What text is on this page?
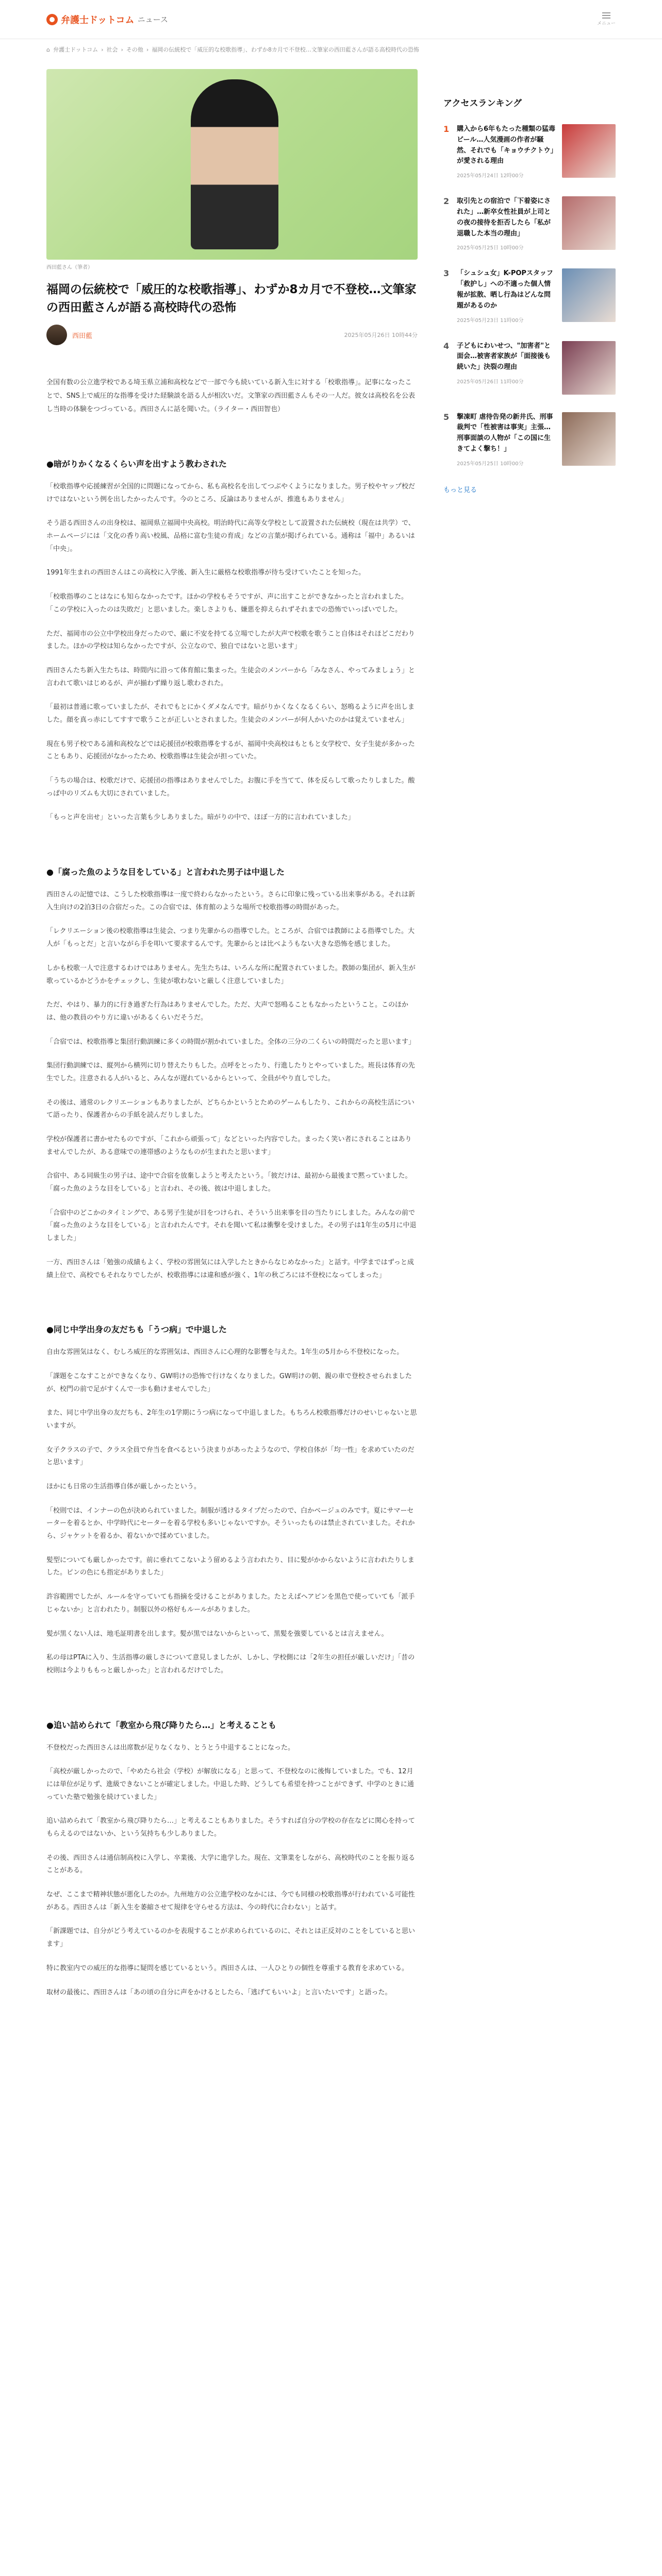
弁護士ドットコム ニュース	メニュー
⌂ 弁護士ドットコム › 社会 › その他 › 福岡の伝統校で「威圧的な校歌指導」、わずか8カ月で不登校…文筆家の西田藍さんが語る高校時代の恐怖
西田藍さん（筆者）
福岡の伝統校で「威圧的な校歌指導」、わずか8カ月で不登校…文筆家の西田藍さんが語る高校時代の恐怖
西田藍	2025年05月26日 10時44分

全国有数の公立進学校である埼玉県立浦和高校などで一部で今も続いている新入生に対する「校歌指導」。記事になったことで、SNS上で威圧的な指導を受けた経験談を語る人が相次いだ。文筆家の西田藍さんもその一人だ。彼女は高校名を公表し当時の体験をつづっている。西田さんに話を聞いた。（ライター・西田智也）

●暗がりかくなるくらい声を出すよう教わされた

「校歌指導や応援練習が全国的に問題になってから、私も高校名を出してつぶやくようになりました。男子校やヤップ校だけではないという例を出したかったんです。今のところ、反論はありませんが、推進もありません」

そう語る西田さんの出身校は、福岡県立福岡中央高校。明治時代に高等女学校として設置された伝統校（現在は共学）で、ホームページには「文化の香り高い校風、品格に富む生徒の育成」などの言葉が掲げられている。通称は「福中」あるいは「中央」。

1991年生まれの西田さんはこの高校に入学後、新入生に厳格な校歌指導が待ち受けていたことを知った。

「校歌指導のことはなにも知らなかったです。ほかの学校もそうですが、声に出すことができなかったと言われました。「この学校に入ったのは失敗だ」と思いました。楽しさよりも、嫌悪を抑えられずそれまでの恐怖でいっぱいでした。

ただ、福岡市の公立中学校出身だったので、厳に不安を持てる立場でしたが大声で校歌を歌うこと自体はそれほどこだわりました。ほかの学校は知らなかったですが、公立なので、独自ではないと思います」

西田さんたち新入生たちは、時間内に沿って体育館に集まった。生徒会のメンバーから「みなさん、やってみましょう」と言われて歌いはじめるが、声が揃わず繰り返し歌わされた。

「最初は普通に歌っていましたが、それでもとにかくダメなんです。暗がりかくなくなるくらい、怒鳴るように声を出しました。顔を真っ赤にしてすすで歌うことが正しいとされました。生徒会のメンバーが何人かいたのかは覚えていません」

現在も男子校である浦和高校などでは応援団が校歌指導をするが、福岡中央高校はもともと女学校で、女子生徒が多かったこともあり、応援団がなかったため、校歌指導は生徒会が担っていた。

「うちの場合は、校歌だけで、応援団の指導はありませんでした。お腹に手を当てて、体を反らして歌ったりしました。酸っぱ中のリズムも大切にされていました。

「もっと声を出せ」といった言葉も少しありました。暗がりの中で、ほぼ一方的に言われていました」

●「腐った魚のような目をしている」と言われた男子は中退した

西田さんの記憶では、こうした校歌指導は一度で終わらなかったという。さらに印象に残っている出来事がある。それは新入生向けの2泊3日の合宿だった。この合宿では、体育館のような場所で校歌指導の時間があった。

「レクリエーション後の校歌指導は生徒会、つまり先輩からの指導でした。ところが、合宿では教師による指導でした。大人が「もっとだ」と言いながら手を叩いて要求するんです。先輩からとは比べようもない大きな恐怖を感じました。

しかも校歌一人で注意するわけではありません。先生たちは、いろんな所に配置されていました。教師の集団が、新入生が歌っているかどうかをチェックし、生徒が歌わないと厳しく注意していました」

ただ、やはり、暴力的に行き過ぎた行為はありませんでした。ただ、大声で怒鳴ることもなかったということ。このほかは、他の教員のやり方に違いがあるくらいだそうだ。

「合宿では、校歌指導と集団行動訓練に多くの時間が割かれていました。全体の三分の二くらいの時間だったと思います」

集団行動訓練では、縦列から横列に切り替えたりもした。点呼をとったり、行進したりとやっていました。班長は体育の先生でした。注意される人がいると、みんなが遅れているからといって、全員がやり直しでした。

その後は、通常のレクリエーションもありましたが、どちらかというとためのゲームもしたり、これからの高校生活について語ったり、保護者からの手紙を読んだりしました。

学校が保護者に書かせたものですが、「これから頑張って」などといった内容でした。まったく笑い者にされることはありませんでしたが、ある意味での連帯感のようなものが生まれたと思います」

合宿中、ある同級生の男子は、途中で合宿を放棄しようと考えたという。「彼だけは、最初から最後まで黙っていました。「腐った魚のような目をしている」と言われ、その後、彼は中退しました。

「合宿中のどこかのタイミングで、ある男子生徒が目をつけられ、そういう出来事を目の当たりにしました。みんなの前で「腐った魚のような目をしている」と言われたんです。それを聞いて私は衝撃を受けました。その男子は1年生の5月に中退しました」

一方、西田さんは「勉強の成績もよく、学校の雰囲気には入学したときからなじめなかった」と話す。中学まではずっと成績上位で、高校でもそれなりでしたが、校歌指導には違和感が強く、1年の秋ごろには不登校になってしまった」

●同じ中学出身の友だちも「うつ病」で中退した

自由な雰囲気はなく、むしろ威圧的な雰囲気は、西田さんに心理的な影響を与えた。1年生の5月から不登校になった。

「課題をこなすことができなくなり、GW明けの恐怖で行けなくなりました。GW明けの朝、親の車で登校させられましたが、校門の前で足がすくんで一歩も動けませんでした」

また、同じ中学出身の友だちも、2年生の1学期にうつ病になって中退しました。もちろん校歌指導だけのせいじゃないと思いますが。

女子クラスの子で、クラス全員で弁当を食べるという決まりがあったようなので、学校自体が「均一性」を求めていたのだと思います」

ほかにも日常の生活指導自体が厳しかったという。

「校則では、インナーの色が決められていました。制服が透けるタイプだったので、白かベージュのみです。夏にサマーセーターを着るとか、中学時代にセーターを着る学校も多いじゃないですか。そういったものは禁止されていました。それから、ジャケットを着るか、着ないかで揉めていました。

髪型についても厳しかったです。前に垂れてこないよう留めるよう言われたり、目に髪がかからないように言われたりしました。ピンの色にも指定がありました」

許容範囲でしたが、ルールを守っていても指摘を受けることがありました。たとえばヘアピンを黒色で使っていても「派手じゃないか」と言われたり。制服以外の格好もルールがありました。

髪が黒くない人は、地毛証明書を出します。髪が黒ではないからといって、黒髪を強要しているとは言えません。

私の母はPTAに入り、生活指導の厳しさについて意見しましたが、しかし、学校側には「2年生の担任が厳しいだけ」「昔の校則は今よりももっと厳しかった」と言われるだけでした。

●追い詰められて「教室から飛び降りたら…」と考えることも

不登校だった西田さんは出席数が足りなくなり、とうとう中退することになった。

「高校が厳しかったので、「やめたら社会（学校）が解放になる」と思って、不登校なのに後悔していました。でも、12月には単位が足りず、進級できないことが確定しました。中退した時、どうしても希望を持つことができず、中学のときに通っていた塾で勉強を続けていました」

追い詰められて「教室から飛び降りたら…」と考えることもありました。そうすれば自分の学校の存在などに関心を持ってもらえるのではないか、という気持ちも少しありました。

その後、西田さんは通信制高校に入学し、卒業後、大学に進学した。現在、文筆業をしながら、高校時代のことを振り返ることがある。

なぜ、ここまで精神状態が悪化したのか。九州地方の公立進学校のなかには、今でも同様の校歌指導が行われている可能性がある。西田さんは「新入生を萎縮させて規律を守らせる方法は、今の時代に合わない」と話す。

「新課題では、自分がどう考えているのかを表現することが求められているのに、それとは正反対のことをしていると思います」

特に教室内での威圧的な指導に疑問を感じているという。西田さんは、一人ひとりの個性を尊重する教育を求めている。

取材の最後に、西田さんは「あの頃の自分に声をかけるとしたら、「逃げてもいいよ」と言いたいです」と語った。

アクセスランキング
1 購入から6年もたった種類の猛毒ビール…人気漫画の作者が騒然、それでも「キョウチクトウ」が愛される理由
2025年05月24日 12時00分
2 取引先との宿泊で「下着姿にされた」…新卒女性社員が上司との夜の接待を拒否したら「私が退職した本当の理由」
2025年05月25日 10時00分
3 「シュシュ女」K-POPスタッフ「救护し」への不適った個人情報が拡散、晒し行為はどんな問題があるのか
2025年05月23日 11時00分
4 子どもにわいせつ、"加害者"と面会…被害者家族が「面接後も続いた」決裂の理由
2025年05月26日 11時00分
5 撃凍町 虐待告発の新井氏、刑事裁判で「性被害は事実」主張…刑事面談の人物が「この国に生きてよく撃ち！」
2025年05月25日 10時00分
もっと見る
